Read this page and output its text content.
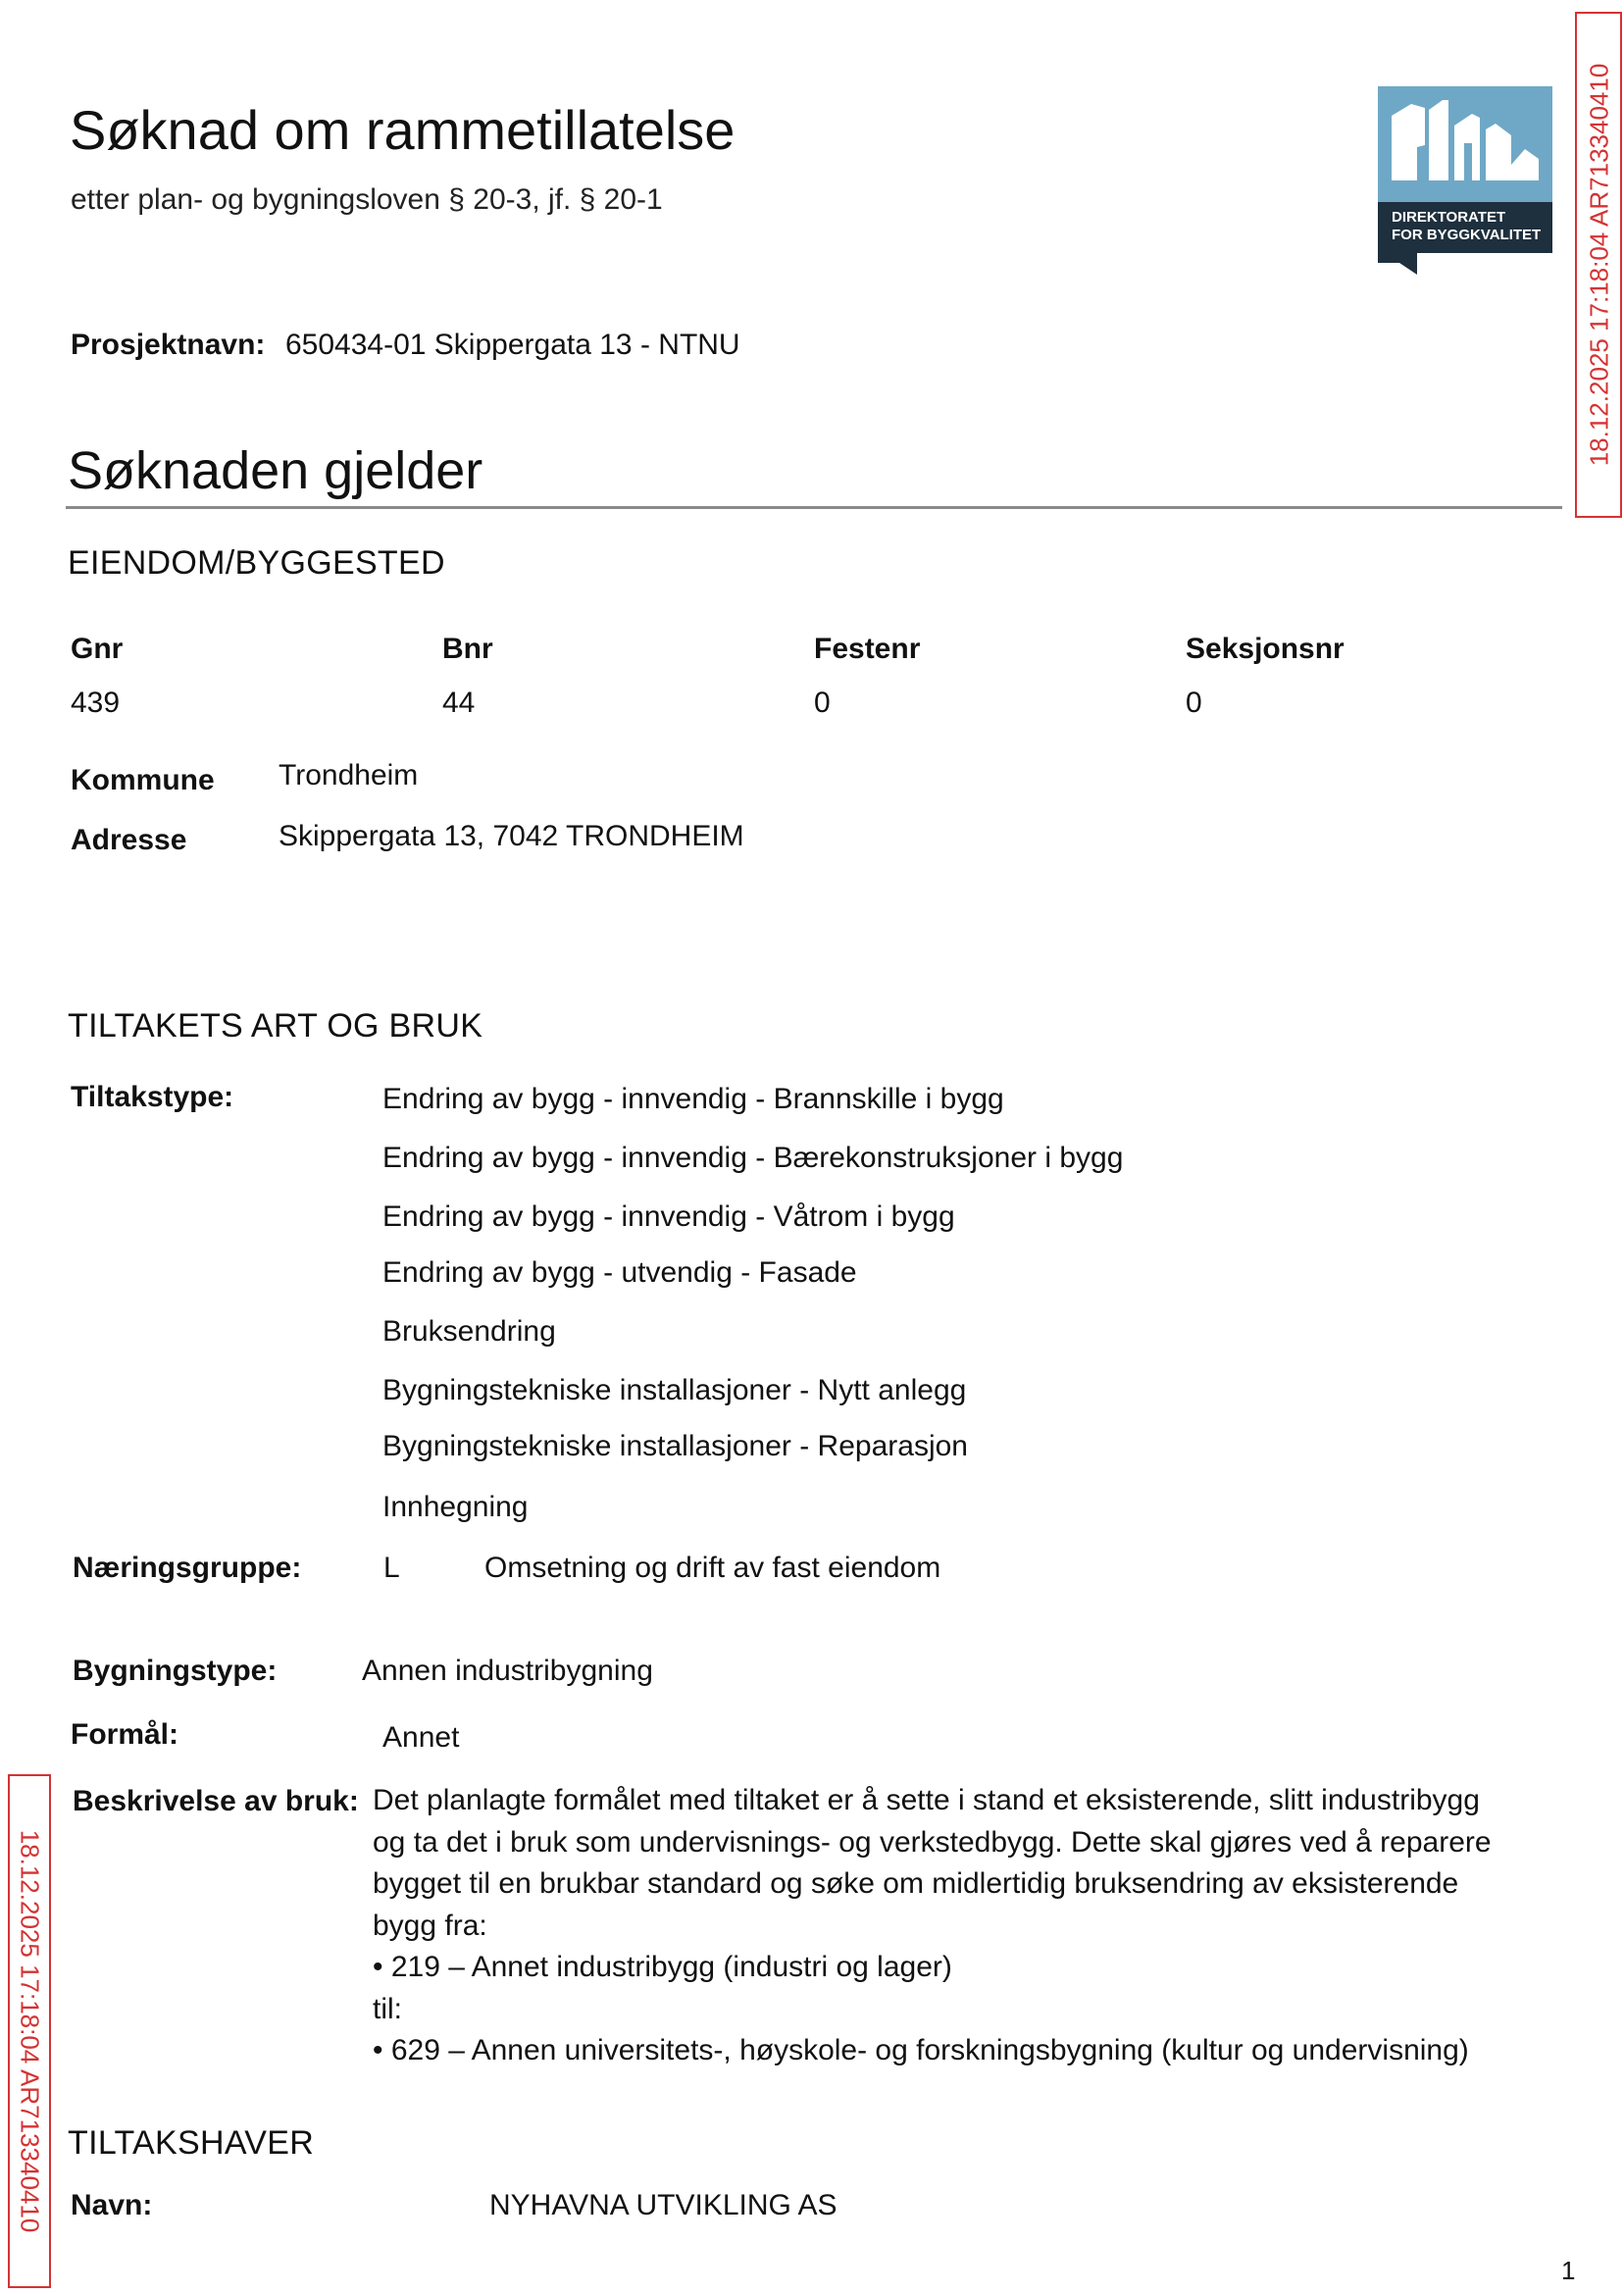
Søknad om rammetillatelse
etter plan- og bygningsloven § 20-3, jf. § 20-1
DIREKTORATET
FOR BYGGKVALITET 18.12.2025 17:18:04 AR713340410
18.12.2025 17:18:04 AR713340410
Prosjektnavn: 650434-01 Skippergata 13 - NTNU
Søknaden gjelder
EIENDOM/BYGGESTED
Gnr	Bnr	Festenr	Seksjonsnr
439	44	0	0
Kommune Trondheim
Adresse	Skippergata 13, 7042 TRONDHEIM
TILTAKETS ART OG BRUK
Tiltakstype:	Endring av bygg - innvendig - Brannskille i bygg
Endring av bygg - innvendig - Bærekonstruksjoner i bygg
Endring av bygg - innvendig - Våtrom i bygg
Endring av bygg - utvendig - Fasade
Bruksendring
Bygningstekniske installasjoner - Nytt anlegg
Bygningstekniske installasjoner - Reparasjon
Innhegning
Næringsgruppe:	L	Omsetning og drift av fast eiendom
Bygningstype:	Annen industribygning
Formål:	Annet
Beskrivelse av bruk: Det planlagte formålet med tiltaket er å sette i stand et eksisterende, slitt industribygg
og ta det i bruk som undervisnings- og verkstedbygg. Dette skal gjøres ved å reparere
bygget til en brukbar standard og søke om midlertidig bruksendring av eksisterende
bygg fra:
• 219 – Annet industribygg (industri og lager)
til:
• 629 – Annen universitets-, høyskole- og forskningsbygning (kultur og undervisning)
TILTAKSHAVER
Navn:	NYHAVNA UTVIKLING AS
1
